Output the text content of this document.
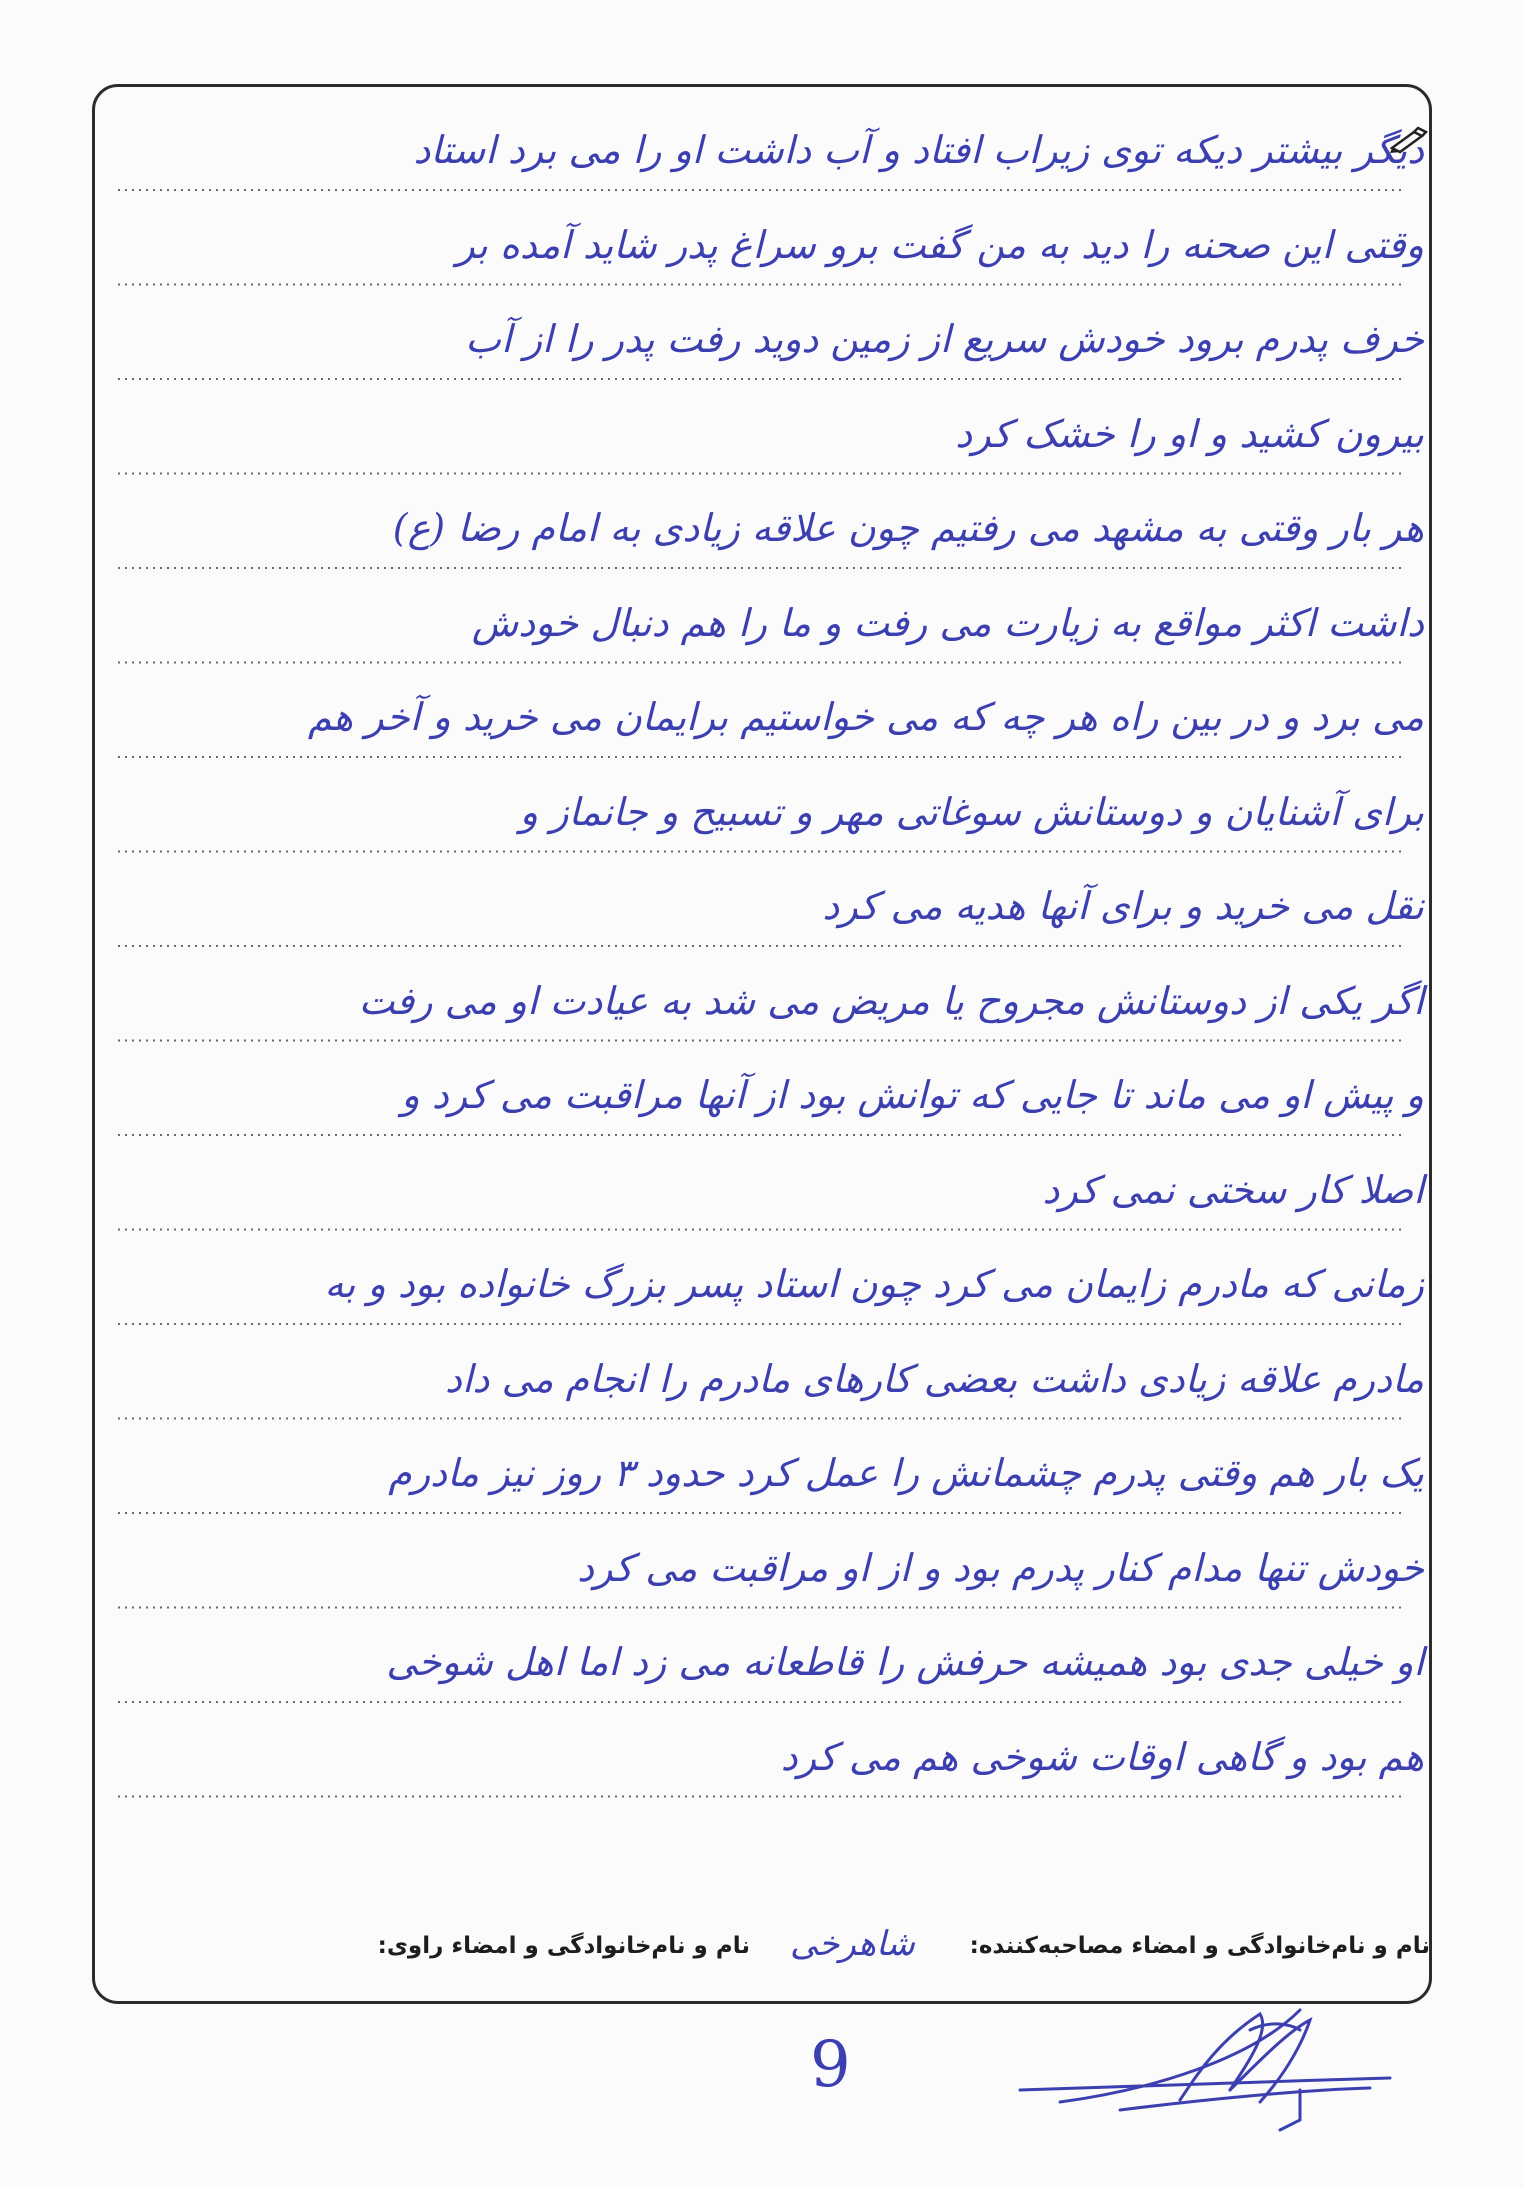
دیگر بیشتر دیکه توی زیراب افتاد و آب داشت او را می برد استاد
وقتی این صحنه را دید به من گفت برو سراغ پدر شاید آمده بر
خرف پدرم برود خودش سریع از زمین دوید رفت پدر را از آب
بیرون کشید و او را خشک کرد
هر بار وقتی به مشهد می رفتیم چون علاقه زیادی به امام رضا (ع)
داشت اکثر مواقع به زیارت می رفت و ما را هم دنبال خودش
می برد و در بین راه هر چه که می خواستیم برایمان می خرید و آخر هم
برای آشنایان و دوستانش سوغاتی مهر و تسبیح و جانماز و
نقل می خرید و برای آنها هدیه می کرد
اگر یکی از دوستانش مجروح یا مریض می شد به عیادت او می رفت
و پیش او می ماند تا جایی که توانش بود از آنها مراقبت می کرد و
اصلا کار سختی نمی کرد
زمانی که مادرم زایمان می کرد چون استاد پسر بزرگ خانواده بود و به
مادرم علاقه زیادی داشت بعضی کارهای مادرم را انجام می داد
یک بار هم وقتی پدرم چشمانش را عمل کرد حدود ۳ روز نیز مادرم
خودش تنها مدام کنار پدرم بود و از او مراقبت می کرد
او خیلی جدی بود همیشه حرفش را قاطعانه می زد اما اهل شوخی
هم بود و گاهی اوقات شوخی هم می کرد
نام و نام‌خانوادگی و امضاء مصاحبه‌کننده:
شاهرخی
نام و نام‌خانوادگی و امضاء راوی:
9
